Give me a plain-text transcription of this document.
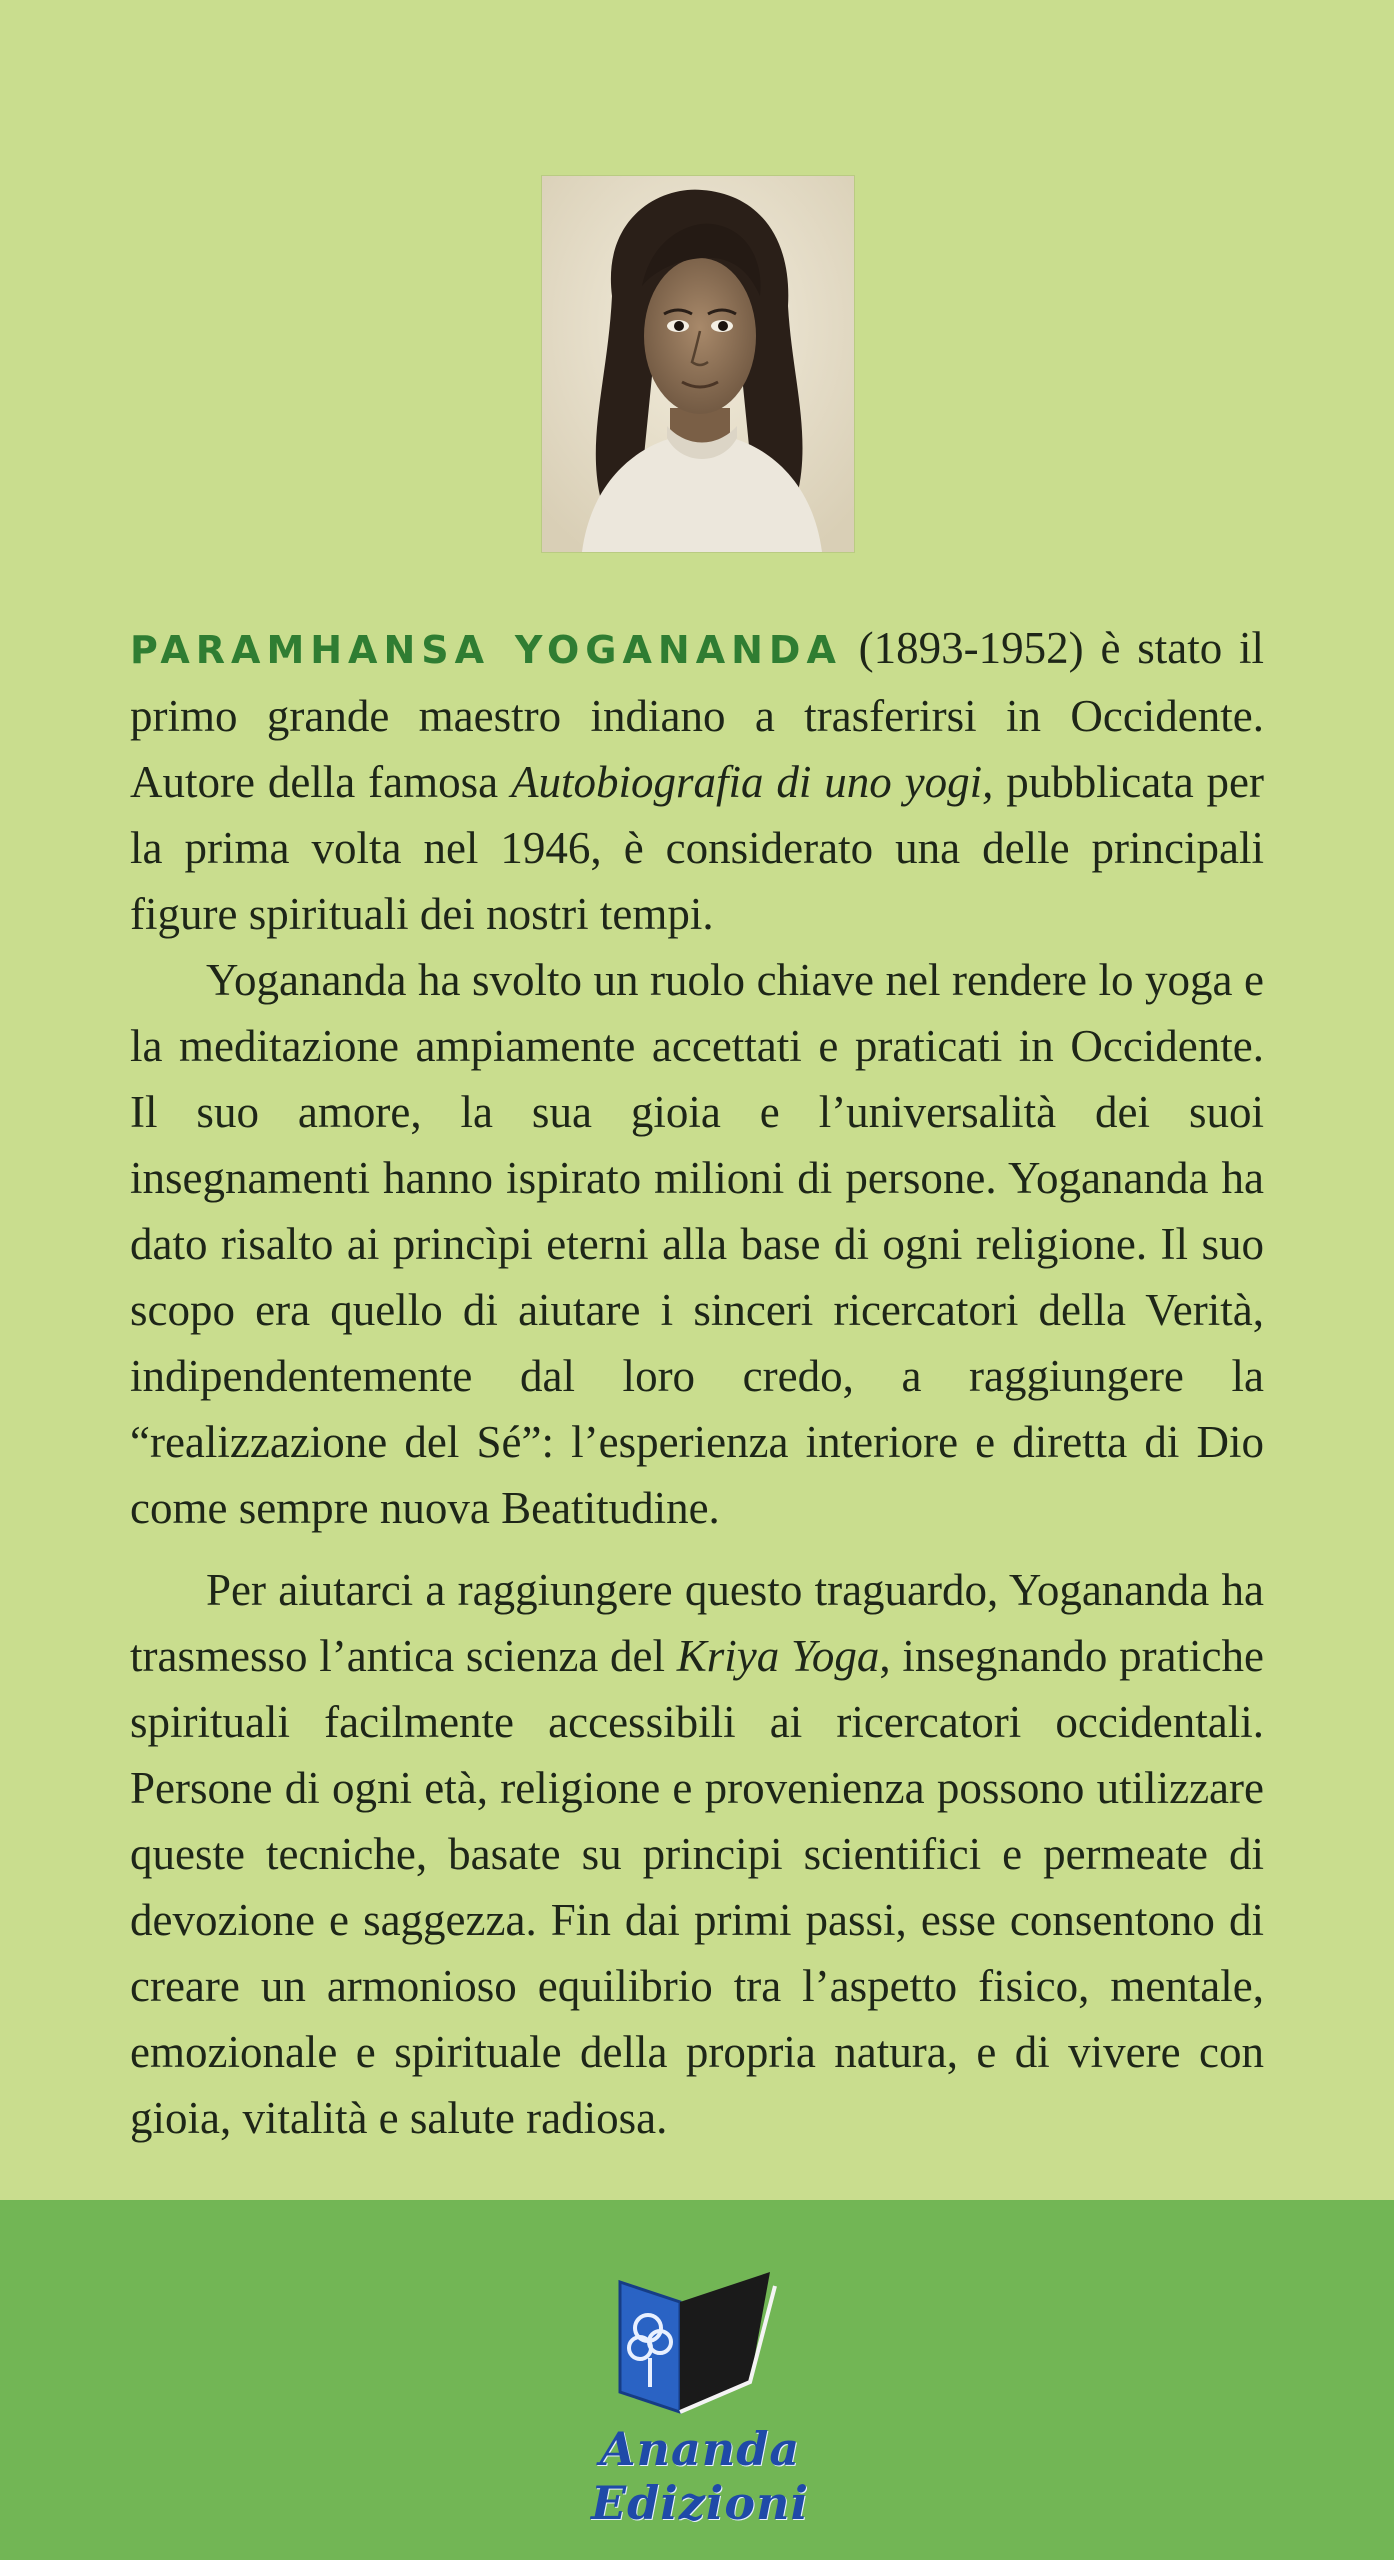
PARAMHANSA YOGANANDA (1893-1952) è stato il primo grande maestro indiano a trasferirsi in Occidente. Autore della famosa Autobiografia di uno yogi, pubblicata per la prima volta nel 1946, è considerato una delle principali figure spirituali dei nostri tempi.

Yogananda ha svolto un ruolo chiave nel rendere lo yoga e la meditazione ampiamente accettati e praticati in Occidente. Il suo amore, la sua gioia e l’universalità dei suoi insegnamenti hanno ispirato milioni di persone. Yogananda ha dato risalto ai princìpi eterni alla base di ogni religione. Il suo scopo era quello di aiutare i sinceri ricercatori della Verità, indipendentemente dal loro credo, a raggiungere la “realizzazione del Sé”: l’esperienza interiore e diretta di Dio come sempre nuova Beatitudine.

Per aiutarci a raggiungere questo traguardo, Yogananda ha trasmesso l’antica scienza del Kriya Yoga, insegnando pratiche spirituali facilmente accessibili ai ricercatori occidentali. Persone di ogni età, religione e provenienza possono utilizzare queste tecniche, basate su principi scientifici e permeate di devozione e saggezza. Fin dai primi passi, esse consentono di creare un armonioso equilibrio tra l’aspetto fisico, mentale, emozionale e spirituale della propria natura, e di vivere con gioia, vitalità e salute radiosa.

Ananda Edizioni
